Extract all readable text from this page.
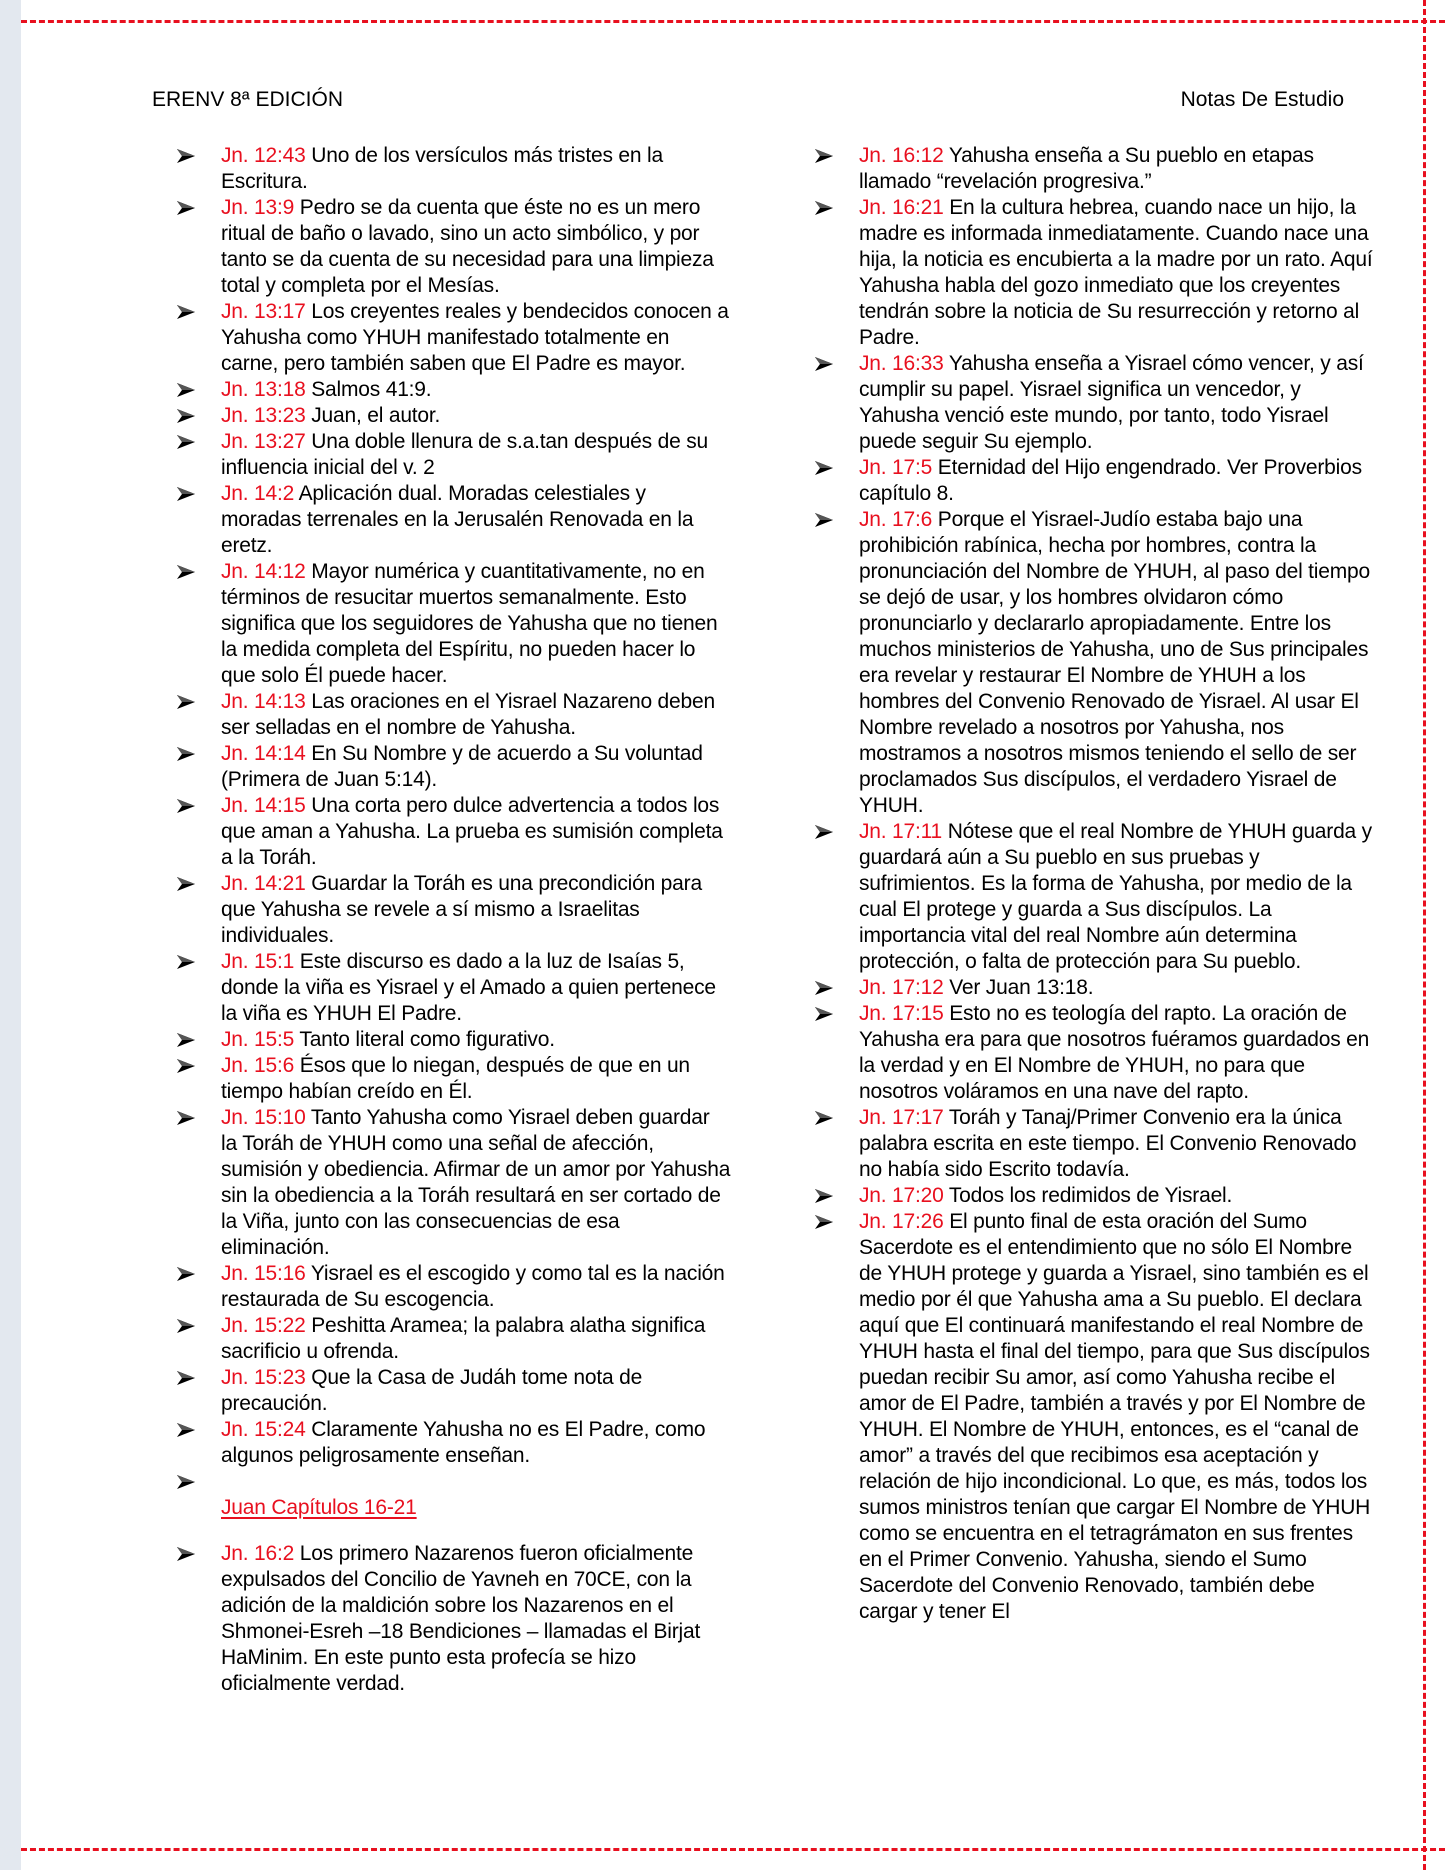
ERENV 8ª EDICIÓN	Notas De Estudio

Jn. 12:43 Uno de los versículos más tristes en la Escritura.

Jn. 13:9 Pedro se da cuenta que éste no es un mero ritual de baño o lavado, sino un acto simbólico, y por tanto se da cuenta de su necesidad para una limpieza total y completa por el Mesías.

Jn. 13:17 Los creyentes reales y bendecidos conocen a Yahusha como YHUH manifestado totalmente en carne, pero también saben que El Padre es mayor.

Jn. 13:18 Salmos 41:9.

Jn. 13:23 Juan, el autor.

Jn. 13:27 Una doble llenura de s.a.tan después de su influencia inicial del v. 2

Jn. 14:2 Aplicación dual. Moradas celestiales y moradas terrenales en la Jerusalén Renovada en la eretz.

Jn. 14:12 Mayor numérica y cuantitativamente, no en términos de resucitar muertos semanalmente. Esto significa que los seguidores de Yahusha que no tienen la medida completa del Espíritu, no pueden hacer lo que solo Él puede hacer.

Jn. 14:13 Las oraciones en el Yisrael Nazareno deben ser selladas en el nombre de Yahusha.

Jn. 14:14 En Su Nombre y de acuerdo a Su voluntad (Primera de Juan 5:14).

Jn. 14:15 Una corta pero dulce advertencia a todos los que aman a Yahusha. La prueba es sumisión completa a la Toráh.

Jn. 14:21 Guardar la Toráh es una precondición para que Yahusha se revele a sí mismo a Israelitas individuales.

Jn. 15:1 Este discurso es dado a la luz de Isaías 5, donde la viña es Yisrael y el Amado a quien pertenece la viña es YHUH El Padre.

Jn. 15:5 Tanto literal como figurativo.

Jn. 15:6 Ésos que lo niegan, después de que en un tiempo habían creído en Él.

Jn. 15:10 Tanto Yahusha como Yisrael deben guardar la Toráh de YHUH como una señal de afección, sumisión y obediencia. Afirmar de un amor por Yahusha sin la obediencia a la Toráh resultará en ser cortado de la Viña, junto con las consecuencias de esa eliminación.

Jn. 15:16 Yisrael es el escogido y como tal es la nación restaurada de Su escogencia.

Jn. 15:22 Peshitta Aramea; la palabra alatha significa sacrificio u ofrenda.

Jn. 15:23 Que la Casa de Judáh tome nota de precaución.

Jn. 15:24 Claramente Yahusha no es El Padre, como algunos peligrosamente enseñan.

Juan Capítulos 16-21

Jn. 16:2 Los primero Nazarenos fueron oficialmente expulsados del Concilio de Yavneh en 70CE, con la adición de la maldición sobre los Nazarenos en el Shmonei-Esreh –18 Bendiciones – llamadas el Birjat HaMinim. En este punto esta profecía se hizo oficialmente verdad.

Jn. 16:12 Yahusha enseña a Su pueblo en etapas llamado “revelación progresiva.”

Jn. 16:21 En la cultura hebrea, cuando nace un hijo, la madre es informada inmediatamente. Cuando nace una hija, la noticia es encubierta a la madre por un rato. Aquí Yahusha habla del gozo inmediato que los creyentes tendrán sobre la noticia de Su resurrección y retorno al Padre.

Jn. 16:33 Yahusha enseña a Yisrael cómo vencer, y así cumplir su papel. Yisrael significa un vencedor, y Yahusha venció este mundo, por tanto, todo Yisrael puede seguir Su ejemplo.

Jn. 17:5 Eternidad del Hijo engendrado. Ver Proverbios capítulo 8.

Jn. 17:6 Porque el Yisrael-Judío estaba bajo una prohibición rabínica, hecha por hombres, contra la pronunciación del Nombre de YHUH, al paso del tiempo se dejó de usar, y los hombres olvidaron cómo pronunciarlo y declararlo apropiadamente. Entre los muchos ministerios de Yahusha, uno de Sus principales era revelar y restaurar El Nombre de YHUH a los hombres del Convenio Renovado de Yisrael. Al usar El Nombre revelado a nosotros por Yahusha, nos mostramos a nosotros mismos teniendo el sello de ser proclamados Sus discípulos, el verdadero Yisrael de YHUH.

Jn. 17:11 Nótese que el real Nombre de YHUH guarda y guardará aún a Su pueblo en sus pruebas y sufrimientos. Es la forma de Yahusha, por medio de la cual El protege y guarda a Sus discípulos. La importancia vital del real Nombre aún determina protección, o falta de protección para Su pueblo.

Jn. 17:12 Ver Juan 13:18.

Jn. 17:15 Esto no es teología del rapto. La oración de Yahusha era para que nosotros fuéramos guardados en la verdad y en El Nombre de YHUH, no para que nosotros voláramos en una nave del rapto.

Jn. 17:17 Toráh y Tanaj/Primer Convenio era la única palabra escrita en este tiempo. El Convenio Renovado no había sido Escrito todavía.

Jn. 17:20 Todos los redimidos de Yisrael.

Jn. 17:26 El punto final de esta oración del Sumo Sacerdote es el entendimiento que no sólo El Nombre de YHUH protege y guarda a Yisrael, sino también es el medio por él que Yahusha ama a Su pueblo. El declara aquí que El continuará manifestando el real Nombre de YHUH hasta el final del tiempo, para que Sus discípulos puedan recibir Su amor, así como Yahusha recibe el amor de El Padre, también a través y por El Nombre de YHUH. El Nombre de YHUH, entonces, es el “canal de amor” a través del que recibimos esa aceptación y relación de hijo incondicional. Lo que, es más, todos los sumos ministros tenían que cargar El Nombre de YHUH como se encuentra en el tetragrámaton en sus frentes en el Primer Convenio. Yahusha, siendo el Sumo Sacerdote del Convenio Renovado, también debe cargar y tener El
